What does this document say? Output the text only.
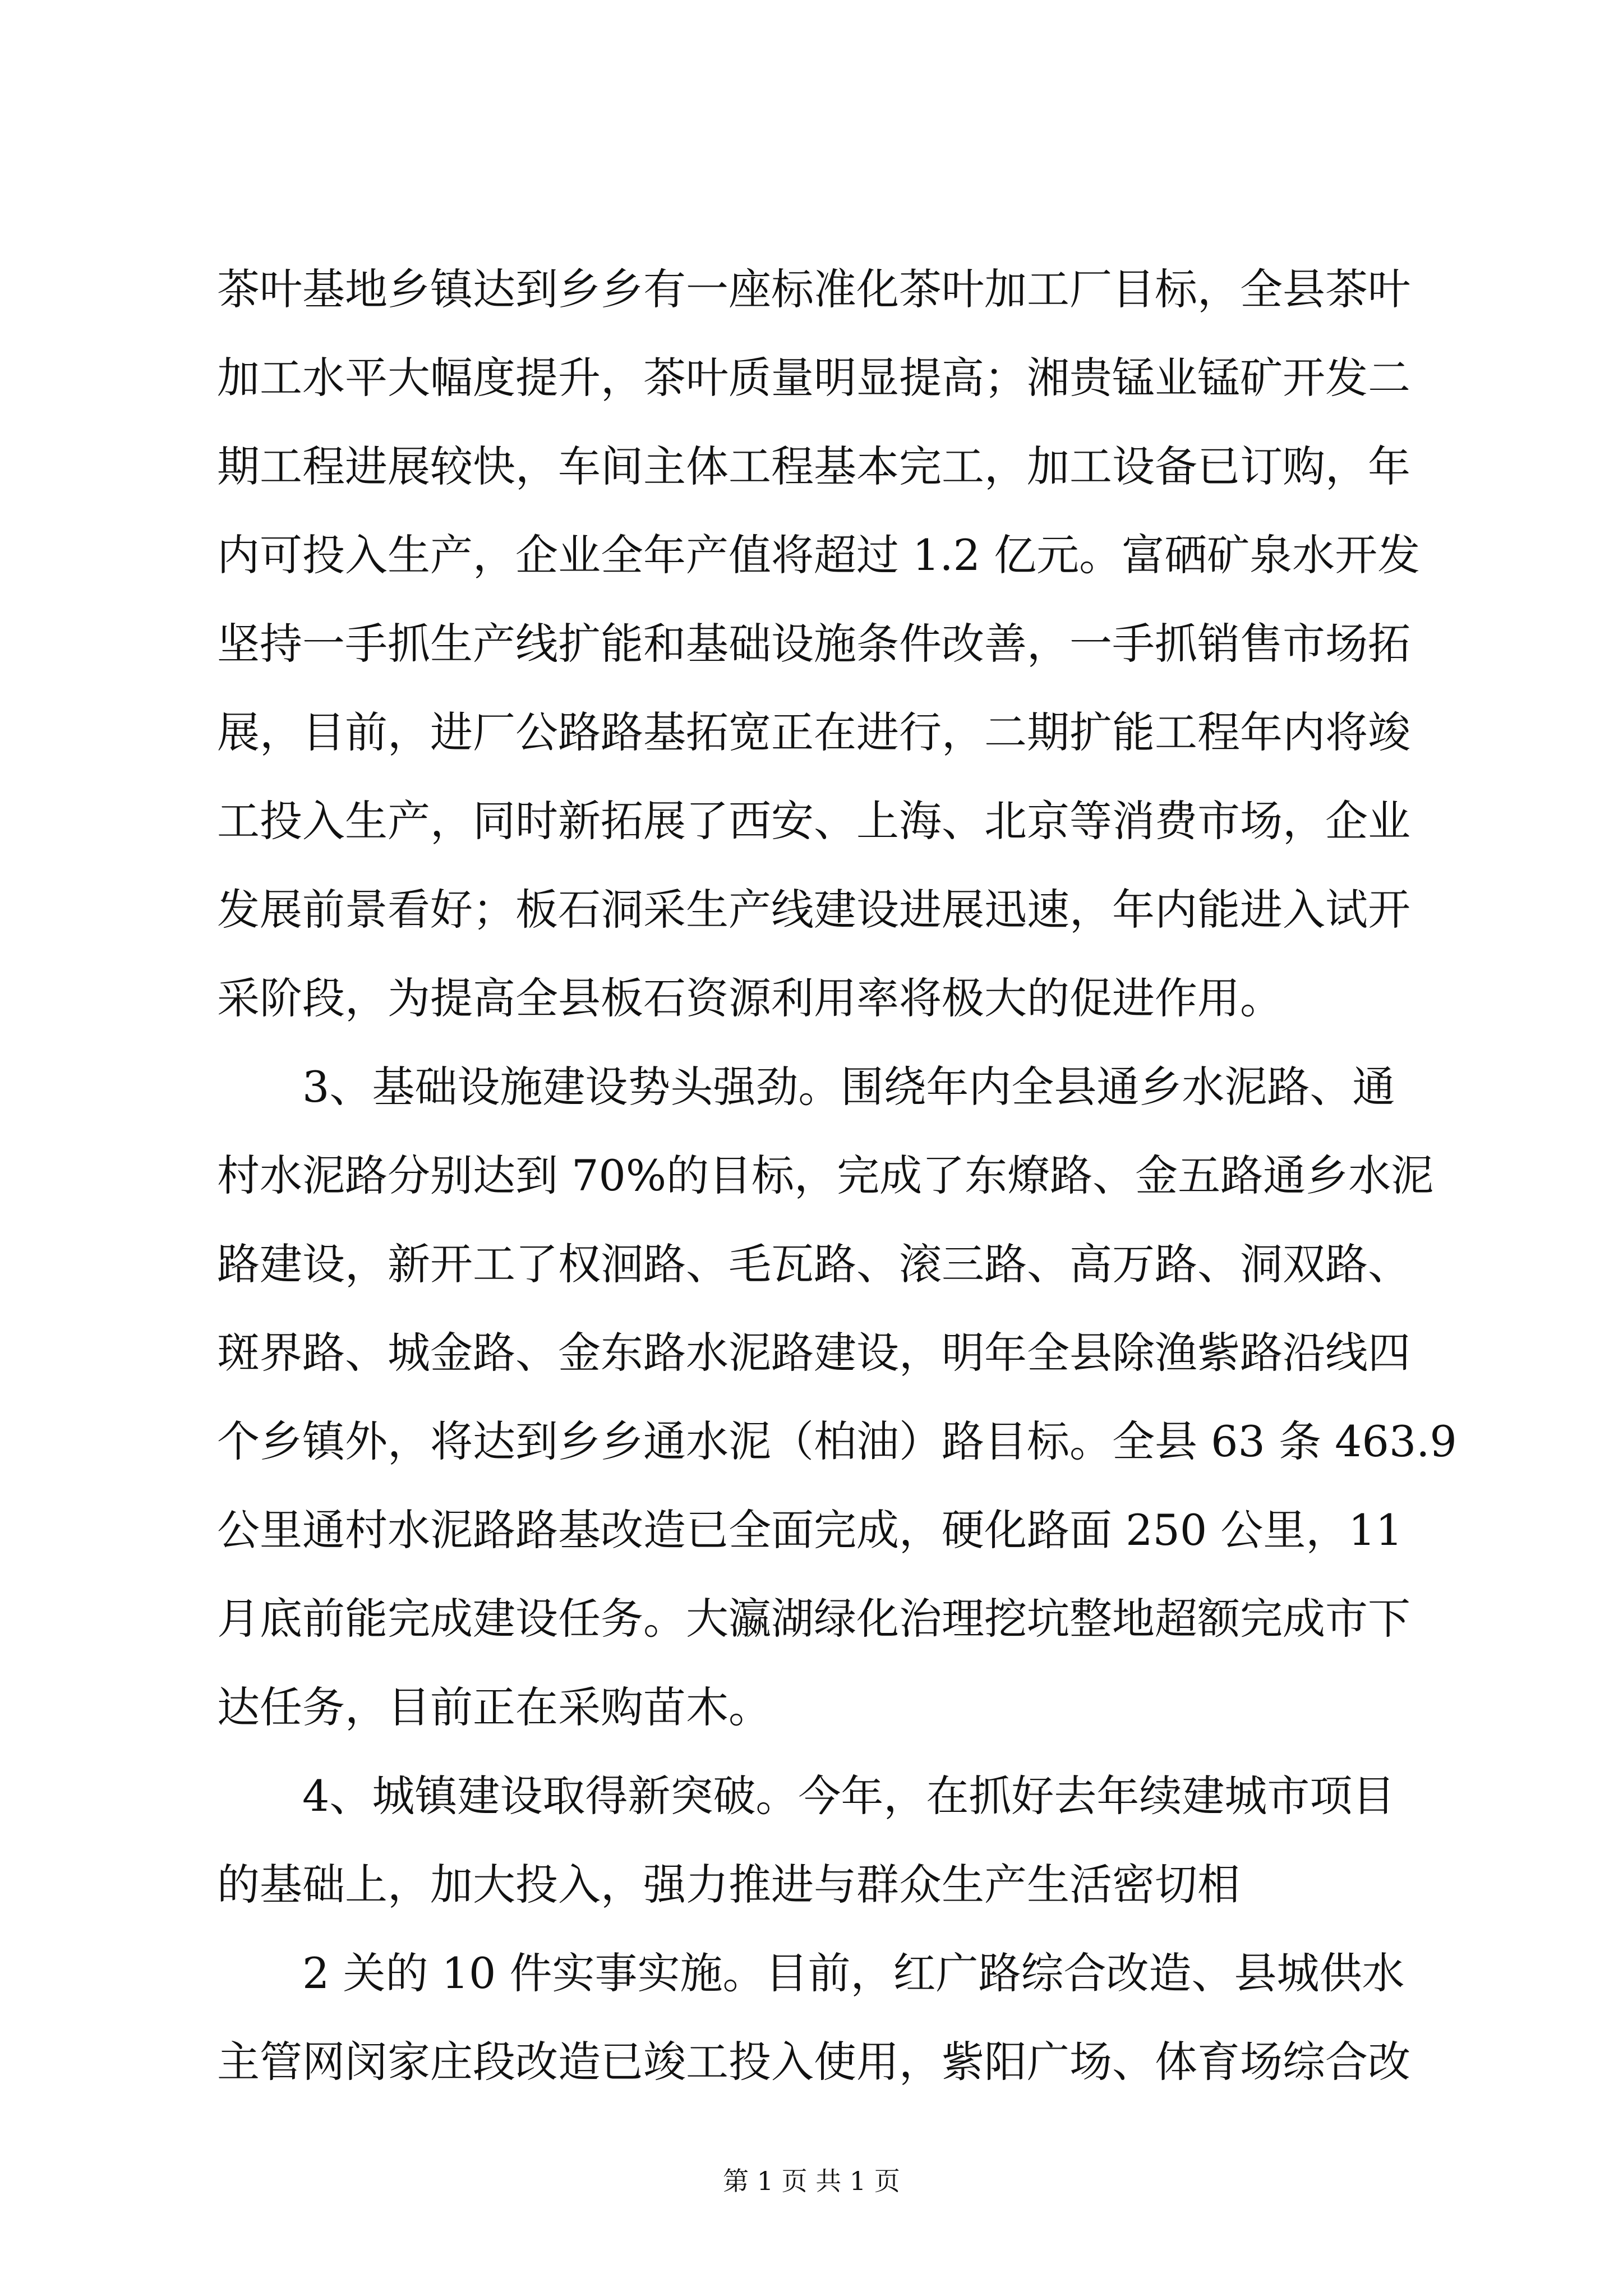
茶叶基地乡镇达到乡乡有一座标准化茶叶加工厂目标，全县茶叶
加工水平大幅度提升，茶叶质量明显提高；湘贵锰业锰矿开发二
期工程进展较快，车间主体工程基本完工，加工设备已订购，年
内可投入生产，企业全年产值将超过 1.2 亿元。富硒矿泉水开发
坚持一手抓生产线扩能和基础设施条件改善，一手抓销售市场拓
展，目前，进厂公路路基拓宽正在进行，二期扩能工程年内将竣
工投入生产，同时新拓展了西安、上海、北京等消费市场，企业
发展前景看好；板石洞采生产线建设进展迅速，年内能进入试开
采阶段，为提高全县板石资源利用率将极大的促进作用。
3、基础设施建设势头强劲。围绕年内全县通乡水泥路、通
村水泥路分别达到 70%的目标，完成了东燎路、金五路通乡水泥
路建设，新开工了权洄路、毛瓦路、滚三路、高万路、洞双路、
斑界路、城金路、金东路水泥路建设，明年全县除渔紫路沿线四
个乡镇外，将达到乡乡通水泥（柏油）路目标。全县 63 条 463.9
公里通村水泥路路基改造已全面完成，硬化路面 250 公里，11
月底前能完成建设任务。大瀛湖绿化治理挖坑整地超额完成市下
达任务，目前正在采购苗木。
4、城镇建设取得新突破。今年，在抓好去年续建城市项目
的基础上，加大投入，强力推进与群众生产生活密切相
2 关的 10 件实事实施。目前，红广路综合改造、县城供水
主管网闵家庄段改造已竣工投入使用，紫阳广场、体育场综合改
第 1 页 共 1 页
